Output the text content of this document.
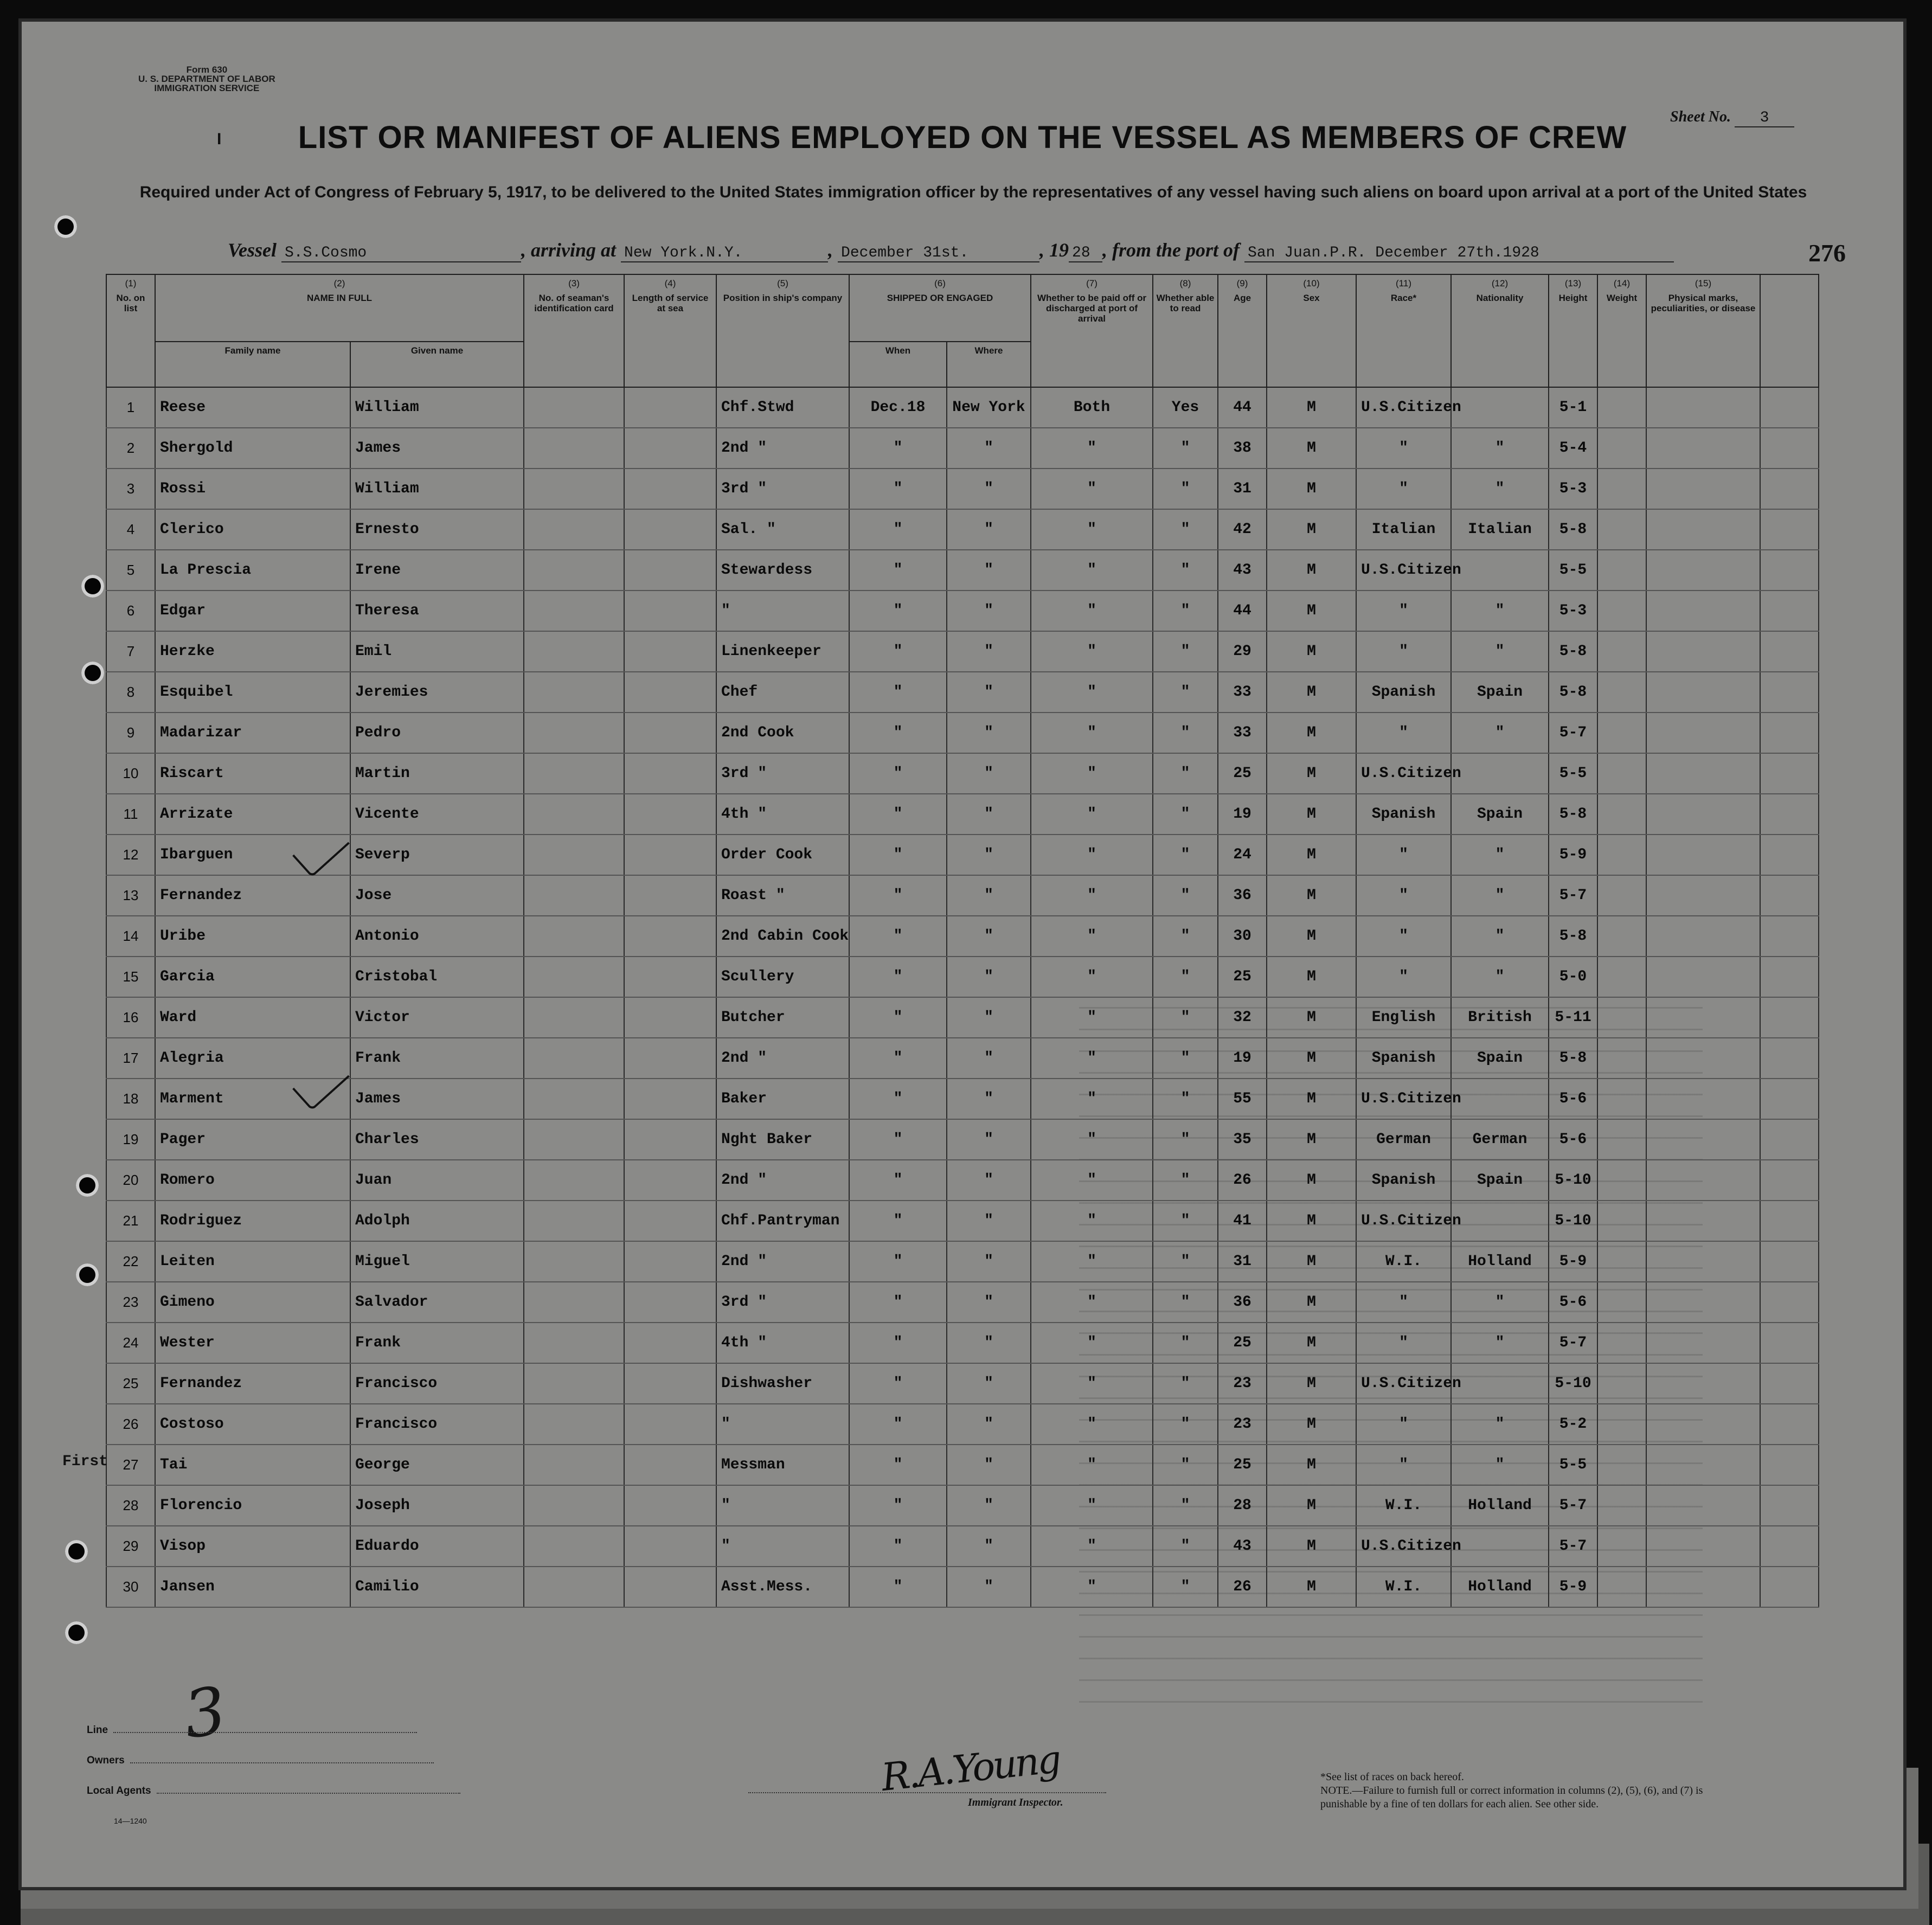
Form 630
U. S. DEPARTMENT OF LABOR
IMMIGRATION SERVICE
I	LIST OR MANIFEST OF ALIENS EMPLOYED ON THE VESSEL AS MEMBERS OF CREW
Required under Act of Congress of February 5, 1917, to be delivered to the United States immigration officer by the representatives of any vessel having such aliens on board upon arrival at a port of the United States
Sheet No. 3
276
Vessel S.S.Cosmo	, arriving at New York.N.Y.	, December 31st.	, 19 28 , from the port of San Juan.P.R. December 27th.1928
(1)
No. on list	(2)
NAME IN FULL		(3)
No. of seaman's identification card	(4)
Length of service at sea	(5)
Position in ship's company	(6)
SHIPPED OR ENGAGED		(7)
Whether to be paid off or discharged at port of arrival	(8)
Whether able to read	(9)
Age	(10)
Sex	(11)
Race*	(12)
Nationality	(13)
Height	(14)
Weight	(15)
Physical marks, peculiarities, or disease	
	Family name	Given name				When	Where										
1	Reese	William			Chf.Stwd	Dec.18	New York	Both	Yes	44	M	U.S.Citizen		5-1			
2	Shergold	James			2nd "	"	"	"	"	38	M	"	"	5-4			
3	Rossi	William			3rd "	"	"	"	"	31	M	"	"	5-3			
4	Clerico	Ernesto			Sal. "	"	"	"	"	42	M	Italian	Italian	5-8			
5	La Prescia	Irene			Stewardess	"	"	"	"	43	M	U.S.Citizen		5-5			
6	Edgar	Theresa			"	"	"	"	"	44	M	"	"	5-3			
7	Herzke	Emil			Linenkeeper	"	"	"	"	29	M	"	"	5-8			
8	Esquibel	Jeremies			Chef	"	"	"	"	33	M	Spanish	Spain	5-8			
9	Madarizar	Pedro			2nd Cook	"	"	"	"	33	M	"	"	5-7			
10	Riscart	Martin			3rd "	"	"	"	"	25	M	U.S.Citizen		5-5			
11	Arrizate	Vicente			4th "	"	"	"	"	19	M	Spanish	Spain	5-8			
12	Ibarguen	Severp			Order Cook	"	"	"	"	24	M	"	"	5-9			
13	Fernandez	Jose			Roast "	"	"	"	"	36	M	"	"	5-7			
14	Uribe	Antonio			2nd Cabin Cook	"	"	"	"	30	M	"	"	5-8			
15	Garcia	Cristobal			Scullery	"	"	"	"	25	M	"	"	5-0			
16	Ward	Victor			Butcher	"	"	"	"	32	M	English	British	5-11			
17	Alegria	Frank			2nd "	"	"	"	"	19	M	Spanish	Spain	5-8			
18	Marment	James			Baker	"	"	"	"	55	M	U.S.Citizen		5-6			
19	Pager	Charles			Nght Baker	"	"	"	"	35	M	German	German	5-6			
20	Romero	Juan			2nd "	"	"	"	"	26	M	Spanish	Spain	5-10			
21	Rodriguez	Adolph			Chf.Pantryman	"	"	"	"	41	M	U.S.Citizen		5-10			
22	Leiten	Miguel			2nd "	"	"	"	"	31	M	W.I.	Holland	5-9			
23	Gimeno	Salvador			3rd "	"	"	"	"	36	M	"	"	5-6			
24	Wester	Frank			4th "	"	"	"	"	25	M	"	"	5-7			
25	Fernandez	Francisco			Dishwasher	"	"	"	"	23	M	U.S.Citizen		5-10			
26	Costoso	Francisco			"	"	"	"	"	23	M	"	"	5-2			
27	Tai	George			Messman	"	"	"	"	25	M	"	"	5-5			
28	Florencio	Joseph			"	"	"	"	"	28	M	W.I.	Holland	5-7			
29	Visop	Eduardo			"	"	"	"	"	43	M	U.S.Citizen		5-7			
30	Jansen	Camilio			Asst.Mess.	"	"	"	"	26	M	W.I.	Holland	5-9			
First
3
Line
Owners
Local Agents
14—1240
R.A.Young
Immigrant Inspector.
*See list of races on back hereof.
NOTE.—Failure to furnish full or correct information in columns (2), (5), (6), and (7) is punishable by a fine of ten dollars for each alien. See other side.
